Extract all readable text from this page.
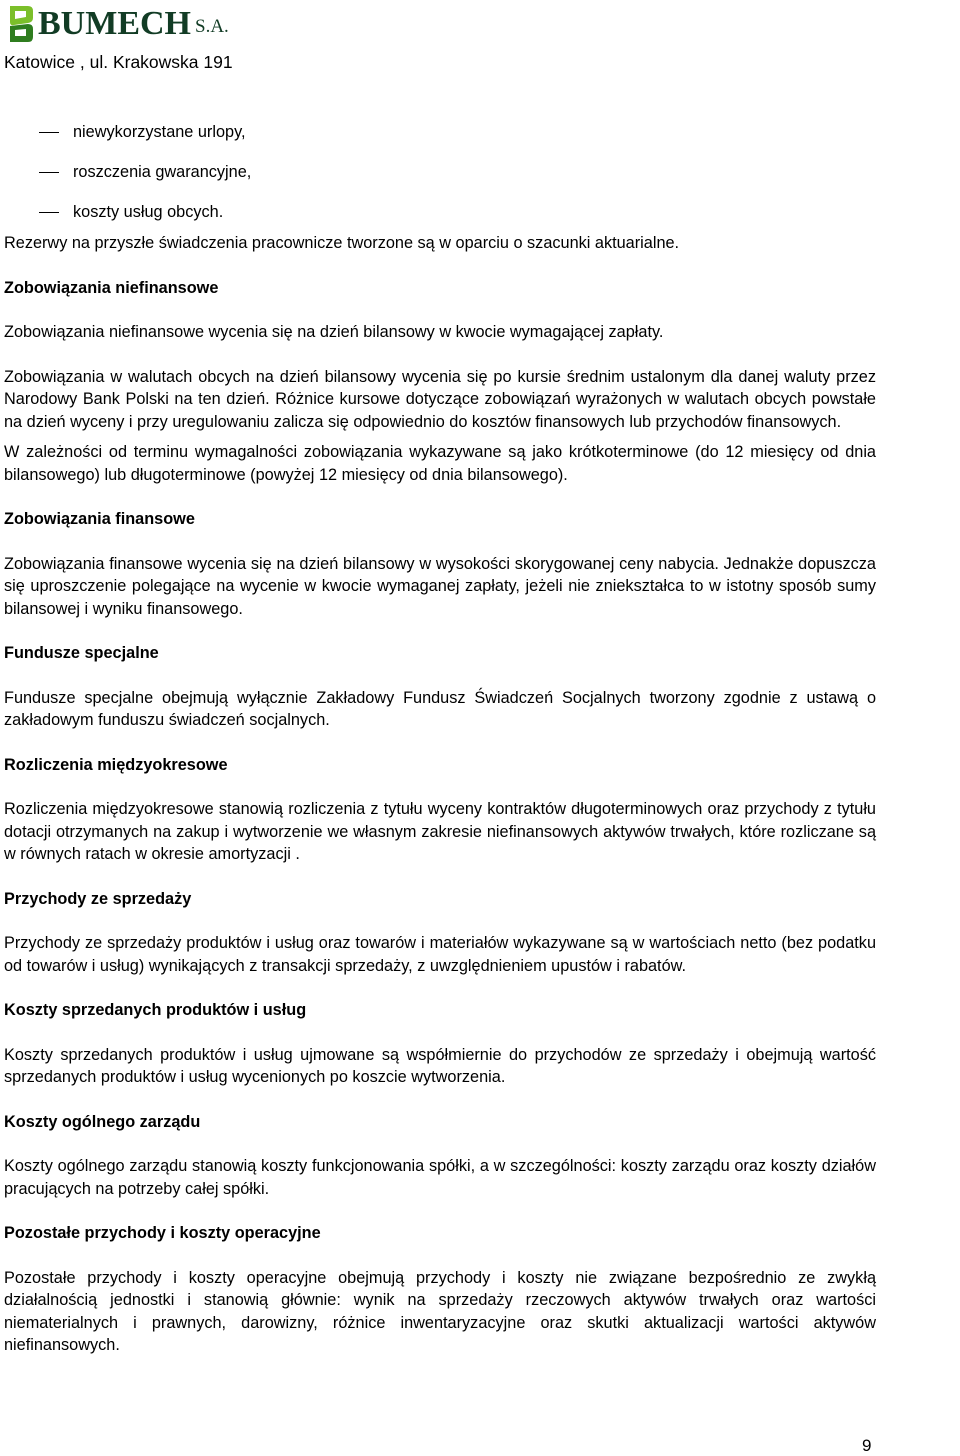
BUMECH S.A.
Katowice , ul. Krakowska 191
niewykorzystane urlopy,
roszczenia gwarancyjne,
koszty usług obcych.

Rezerwy na przyszłe świadczenia pracownicze tworzone są w oparciu o szacunki aktuarialne.

Zobowiązania niefinansowe

Zobowiązania niefinansowe wycenia się na dzień bilansowy w kwocie wymagającej zapłaty.

Zobowiązania w walutach obcych na dzień bilansowy wycenia się po kursie średnim ustalonym dla danej waluty przez Narodowy Bank Polski na ten dzień. Różnice kursowe dotyczące zobowiązań wyrażonych w walutach obcych powstałe na dzień wyceny i przy uregulowaniu zalicza się odpowiednio do kosztów finansowych lub przychodów finansowych.

W zależności od terminu wymagalności zobowiązania wykazywane są jako krótkoterminowe (do 12 miesięcy od dnia bilansowego) lub długoterminowe (powyżej 12 miesięcy od dnia bilansowego).

Zobowiązania finansowe

Zobowiązania finansowe wycenia się na dzień bilansowy w wysokości skorygowanej ceny nabycia. Jednakże dopuszcza się uproszczenie polegające na wycenie w kwocie wymaganej zapłaty, jeżeli nie zniekształca to w istotny sposób sumy bilansowej i wyniku finansowego.

Fundusze specjalne

Fundusze specjalne obejmują wyłącznie Zakładowy Fundusz Świadczeń Socjalnych tworzony zgodnie z ustawą o zakładowym funduszu świadczeń socjalnych.

Rozliczenia międzyokresowe

Rozliczenia międzyokresowe stanowią rozliczenia z tytułu wyceny kontraktów długoterminowych oraz przychody z tytułu dotacji otrzymanych na zakup i wytworzenie we własnym zakresie niefinansowych aktywów trwałych, które rozliczane są w równych ratach w okresie amortyzacji .

Przychody ze sprzedaży

Przychody ze sprzedaży produktów i usług oraz towarów i materiałów wykazywane są w wartościach netto (bez podatku od towarów i usług) wynikających z transakcji sprzedaży, z uwzględnieniem upustów i rabatów.

Koszty sprzedanych produktów i usług

Koszty sprzedanych produktów i usług ujmowane są współmiernie do przychodów ze sprzedaży i obejmują wartość sprzedanych produktów i usług wycenionych po koszcie wytworzenia.

Koszty ogólnego zarządu

Koszty ogólnego zarządu stanowią koszty funkcjonowania spółki, a w szczególności: koszty zarządu oraz koszty działów pracujących na potrzeby całej spółki.

Pozostałe przychody i koszty operacyjne

Pozostałe przychody i koszty operacyjne obejmują przychody i koszty nie związane bezpośrednio ze zwykłą działalnością jednostki i stanowią głównie: wynik na sprzedaży rzeczowych aktywów trwałych oraz wartości niematerialnych i prawnych, darowizny, różnice inwentaryzacyjne oraz skutki aktualizacji wartości aktywów niefinansowych.

9
